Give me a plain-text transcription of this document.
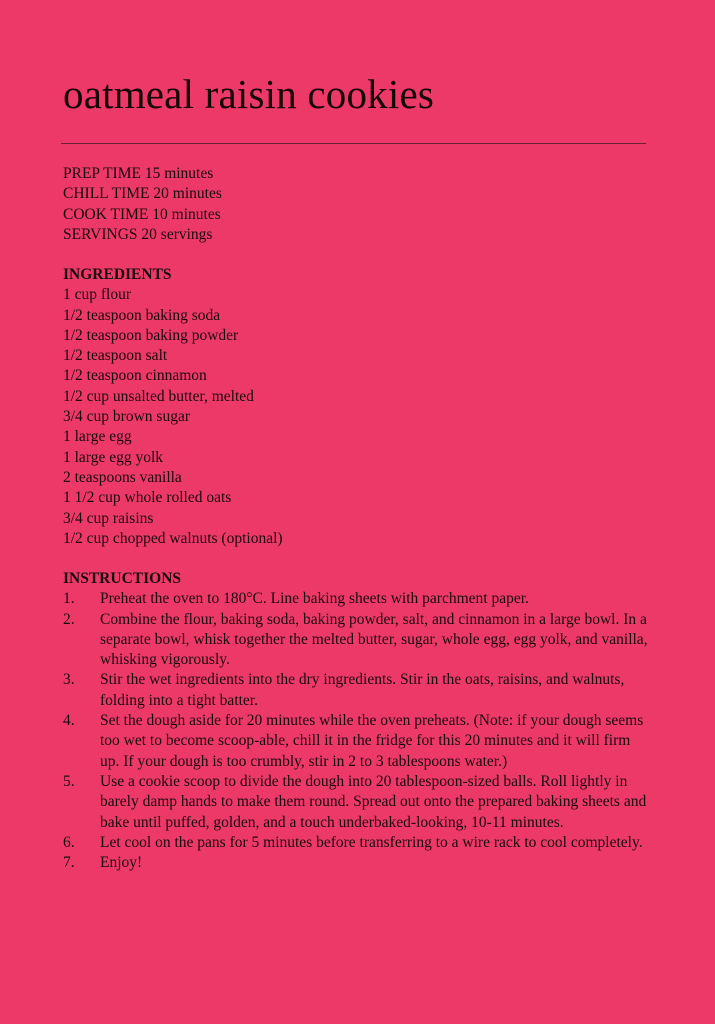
oatmeal raisin cookies
PREP TIME 15 minutes
CHILL TIME 20 minutes
COOK TIME 10 minutes
SERVINGS 20 servings
INGREDIENTS
1 cup flour
1/2 teaspoon baking soda
1/2 teaspoon baking powder
1/2 teaspoon salt
1/2 teaspoon cinnamon
1/2 cup unsalted butter, melted
3/4 cup brown sugar
1 large egg
1 large egg yolk
2 teaspoons vanilla
1 1/2 cup whole rolled oats
3/4 cup raisins
1/2 cup chopped walnuts (optional)
INSTRUCTIONS
1. Preheat the oven to 180°C. Line baking sheets with parchment paper.
2. Combine the flour, baking soda, baking powder, salt, and cinnamon in a large bowl. In a separate bowl, whisk together the melted butter, sugar, whole egg, egg yolk, and vanilla, whisking vigorously.
3. Stir the wet ingredients into the dry ingredients. Stir in the oats, raisins, and walnuts, folding into a tight batter.
4. Set the dough aside for 20 minutes while the oven preheats. (Note: if your dough seems too wet to become scoop-able, chill it in the fridge for this 20 minutes and it will firm up. If your dough is too crumbly, stir in 2 to 3 tablespoons water.)
5. Use a cookie scoop to divide the dough into 20 tablespoon-sized balls. Roll lightly in barely damp hands to make them round. Spread out onto the prepared baking sheets and bake until puffed, golden, and a touch underbaked-looking, 10-11 minutes.
6. Let cool on the pans for 5 minutes before transferring to a wire rack to cool completely.
7. Enjoy!
